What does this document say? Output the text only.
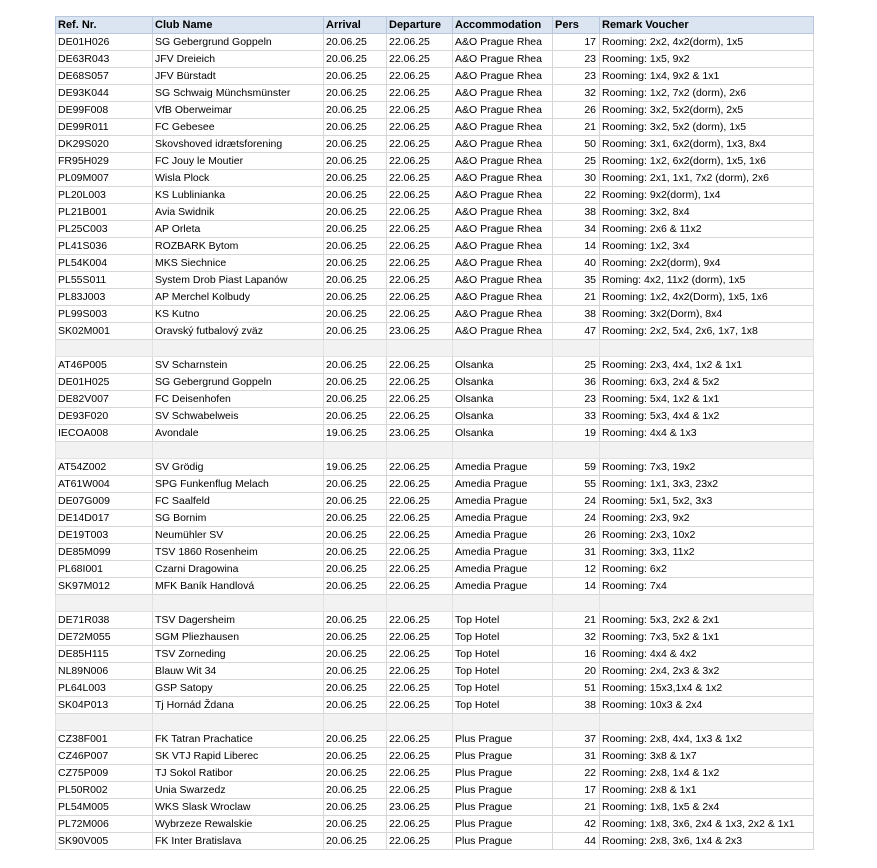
Ref. Nr.	Club Name	Arrival	Departure	Accommodation	Pers	Remark Voucher
DE01H026	SG Gebergrund Goppeln	20.06.25	22.06.25	A&O Prague Rhea	17	Rooming: 2x2, 4x2(dorm), 1x5
DE63R043	JFV Dreieich	20.06.25	22.06.25	A&O Prague Rhea	23	Rooming: 1x5, 9x2
DE68S057	JFV Bürstadt	20.06.25	22.06.25	A&O Prague Rhea	23	Rooming: 1x4, 9x2 & 1x1
DE93K044	SG Schwaig Münchsmünster	20.06.25	22.06.25	A&O Prague Rhea	32	Rooming: 1x2, 7x2 (dorm), 2x6
DE99F008	VfB Oberweimar	20.06.25	22.06.25	A&O Prague Rhea	26	Rooming: 3x2, 5x2(dorm), 2x5
DE99R011	FC Gebesee	20.06.25	22.06.25	A&O Prague Rhea	21	Rooming: 3x2, 5x2 (dorm), 1x5
DK29S020	Skovshoved idrætsforening	20.06.25	22.06.25	A&O Prague Rhea	50	Rooming: 3x1, 6x2(dorm), 1x3, 8x4
FR95H029	FC Jouy le Moutier	20.06.25	22.06.25	A&O Prague Rhea	25	Rooming: 1x2, 6x2(dorm), 1x5, 1x6
PL09M007	Wisla Plock	20.06.25	22.06.25	A&O Prague Rhea	30	Rooming: 2x1, 1x1, 7x2 (dorm), 2x6
PL20L003	KS Lublinianka	20.06.25	22.06.25	A&O Prague Rhea	22	Rooming: 9x2(dorm), 1x4
PL21B001	Avia Swidnik	20.06.25	22.06.25	A&O Prague Rhea	38	Rooming: 3x2, 8x4
PL25C003	AP Orleta	20.06.25	22.06.25	A&O Prague Rhea	34	Rooming: 2x6 & 11x2
PL41S036	ROZBARK Bytom	20.06.25	22.06.25	A&O Prague Rhea	14	Rooming: 1x2, 3x4
PL54K004	MKS Siechnice	20.06.25	22.06.25	A&O Prague Rhea	40	Rooming: 2x2(dorm), 9x4
PL55S011	System Drob Piast Lapanów	20.06.25	22.06.25	A&O Prague Rhea	35	Roming: 4x2, 11x2 (dorm), 1x5
PL83J003	AP Merchel Kolbudy	20.06.25	22.06.25	A&O Prague Rhea	21	Rooming: 1x2, 4x2(Dorm), 1x5, 1x6
PL99S003	KS Kutno	20.06.25	22.06.25	A&O Prague Rhea	38	Rooming: 3x2(Dorm), 8x4
SK02M001	Oravský futbalový zväz	20.06.25	23.06.25	A&O Prague Rhea	47	Rooming: 2x2, 5x4, 2x6, 1x7, 1x8

AT46P005	SV Scharnstein	20.06.25	22.06.25	Olsanka	25	Rooming: 2x3, 4x4, 1x2 & 1x1
DE01H025	SG Gebergrund Goppeln	20.06.25	22.06.25	Olsanka	36	Rooming: 6x3, 2x4 & 5x2
DE82V007	FC Deisenhofen	20.06.25	22.06.25	Olsanka	23	Rooming: 5x4, 1x2 & 1x1
DE93F020	SV Schwabelweis	20.06.25	22.06.25	Olsanka	33	Rooming: 5x3, 4x4 & 1x2
IECOA008	Avondale	19.06.25	23.06.25	Olsanka	19	Rooming: 4x4 & 1x3

AT54Z002	SV Grödig	19.06.25	22.06.25	Amedia Prague	59	Rooming: 7x3, 19x2
AT61W004	SPG Funkenflug Melach	20.06.25	22.06.25	Amedia Prague	55	Rooming: 1x1, 3x3, 23x2
DE07G009	FC Saalfeld	20.06.25	22.06.25	Amedia Prague	24	Rooming: 5x1, 5x2, 3x3
DE14D017	SG Bornim	20.06.25	22.06.25	Amedia Prague	24	Rooming: 2x3, 9x2
DE19T003	Neumühler SV	20.06.25	22.06.25	Amedia Prague	26	Rooming: 2x3, 10x2
DE85M099	TSV 1860 Rosenheim	20.06.25	22.06.25	Amedia Prague	31	Rooming: 3x3, 11x2
PL68I001	Czarni Dragowina	20.06.25	22.06.25	Amedia Prague	12	Rooming: 6x2
SK97M012	MFK Baník Handlová	20.06.25	22.06.25	Amedia Prague	14	Rooming: 7x4

DE71R038	TSV Dagersheim	20.06.25	22.06.25	Top Hotel	21	Rooming: 5x3, 2x2 & 2x1
DE72M055	SGM Pliezhausen	20.06.25	22.06.25	Top Hotel	32	Rooming: 7x3, 5x2 & 1x1
DE85H115	TSV Zorneding	20.06.25	22.06.25	Top Hotel	16	Rooming: 4x4 & 4x2
NL89N006	Blauw Wit 34	20.06.25	22.06.25	Top Hotel	20	Rooming: 2x4, 2x3 & 3x2
PL64L003	GSP Satopy	20.06.25	22.06.25	Top Hotel	51	Rooming: 15x3,1x4 & 1x2
SK04P013	Tj Hornád Ždana	20.06.25	22.06.25	Top Hotel	38	Rooming: 10x3 & 2x4

CZ38F001	FK Tatran Prachatice	20.06.25	22.06.25	Plus Prague	37	Rooming: 2x8, 4x4, 1x3 & 1x2
CZ46P007	SK VTJ Rapid Liberec	20.06.25	22.06.25	Plus Prague	31	Rooming: 3x8 & 1x7
CZ75P009	TJ Sokol Ratibor	20.06.25	22.06.25	Plus Prague	22	Rooming: 2x8, 1x4 & 1x2
PL50R002	Unia Swarzedz	20.06.25	22.06.25	Plus Prague	17	Rooming: 2x8 & 1x1
PL54M005	WKS Slask Wroclaw	20.06.25	23.06.25	Plus Prague	21	Rooming: 1x8, 1x5 & 2x4
PL72M006	Wybrzeze Rewalskie	20.06.25	22.06.25	Plus Prague	42	Rooming: 1x8, 3x6, 2x4 & 1x3, 2x2 & 1x1
SK90V005	FK Inter Bratislava	20.06.25	22.06.25	Plus Prague	44	Rooming: 2x8, 3x6, 1x4 & 2x3
